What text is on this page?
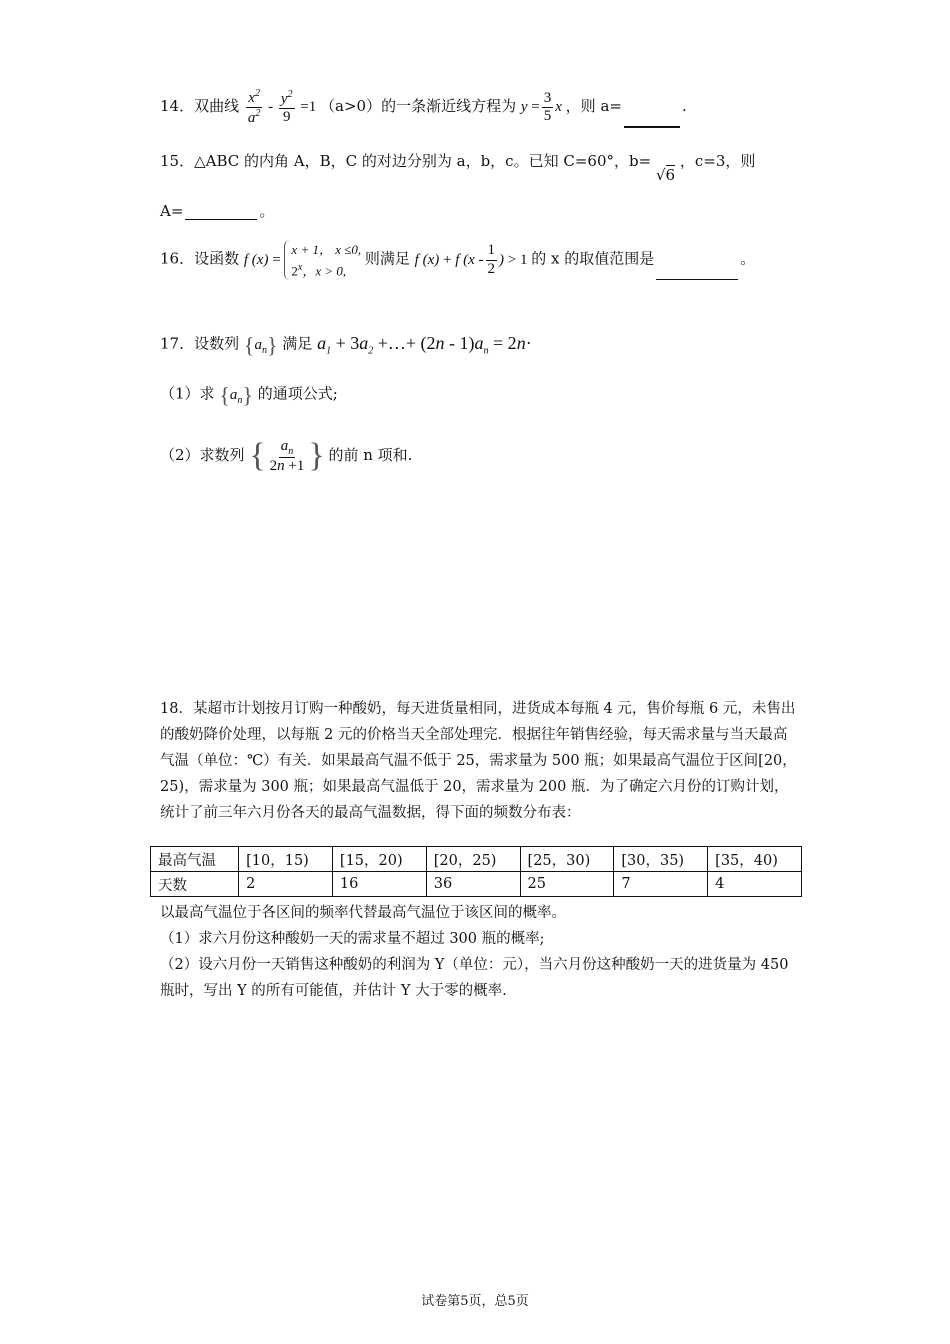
14．双曲线 $\frac{x^2}{a^2} - \frac{y^2}{9} =1$ （a>0）的一条渐近线方程为 $y = \frac{3}{5}$ x ，则 a=	.
15．△ABC 的内角 A，B，C 的对边分别为 a，b，c。已知 C=60°，b= √6 ，c=3，则
A=	。
16．设函数 f (x) =
x + 1， x ≤0,
2$^x$，x > 0,
则满足 f (x) + f ($x - \frac{1}{2}$ ) > 1 的 x 的取值范围是	。
17．设数列 $\{a_n\}$ 满足 $a_1 + 3a_2$ +…+ $(2n - 1)a_n = 2n\cdot$
（1）求 $\{a_n\}$ 的通项公式;
（2）求数列 { $\frac{a_n}{2n +1}$ } 的前 n 项和.
18．某超市计划按月订购一种酸奶，每天进货量相同，进货成本每瓶 4 元，售价每瓶 6 元，未售出的酸奶降价处理，以每瓶 2 元的价格当天全部处理完．根据往年销售经验，每天需求量与当天最高气温（单位：℃）有关．如果最高气温不低于 25，需求量为 500 瓶；如果最高气温位于区间[20，25)，需求量为 300 瓶；如果最高气温低于 20，需求量为 200 瓶．为了确定六月份的订购计划，统计了前三年六月份各天的最高气温数据，得下面的频数分布表：
最高气温	[10，15)	[15，20)	[20，25)	[25，30)	[30，35)	[35，40)
天数	2	16	36	25	7	4
以最高气温位于各区间的频率代替最高气温位于该区间的概率。
（1）求六月份这种酸奶一天的需求量不超过 300 瓶的概率;
（2）设六月份一天销售这种酸奶的利润为 Y（单位：元），当六月份这种酸奶一天的进货量为 450 瓶时，写出 Y 的所有可能值，并估计 Y 大于零的概率.
试卷第5页，总5页
